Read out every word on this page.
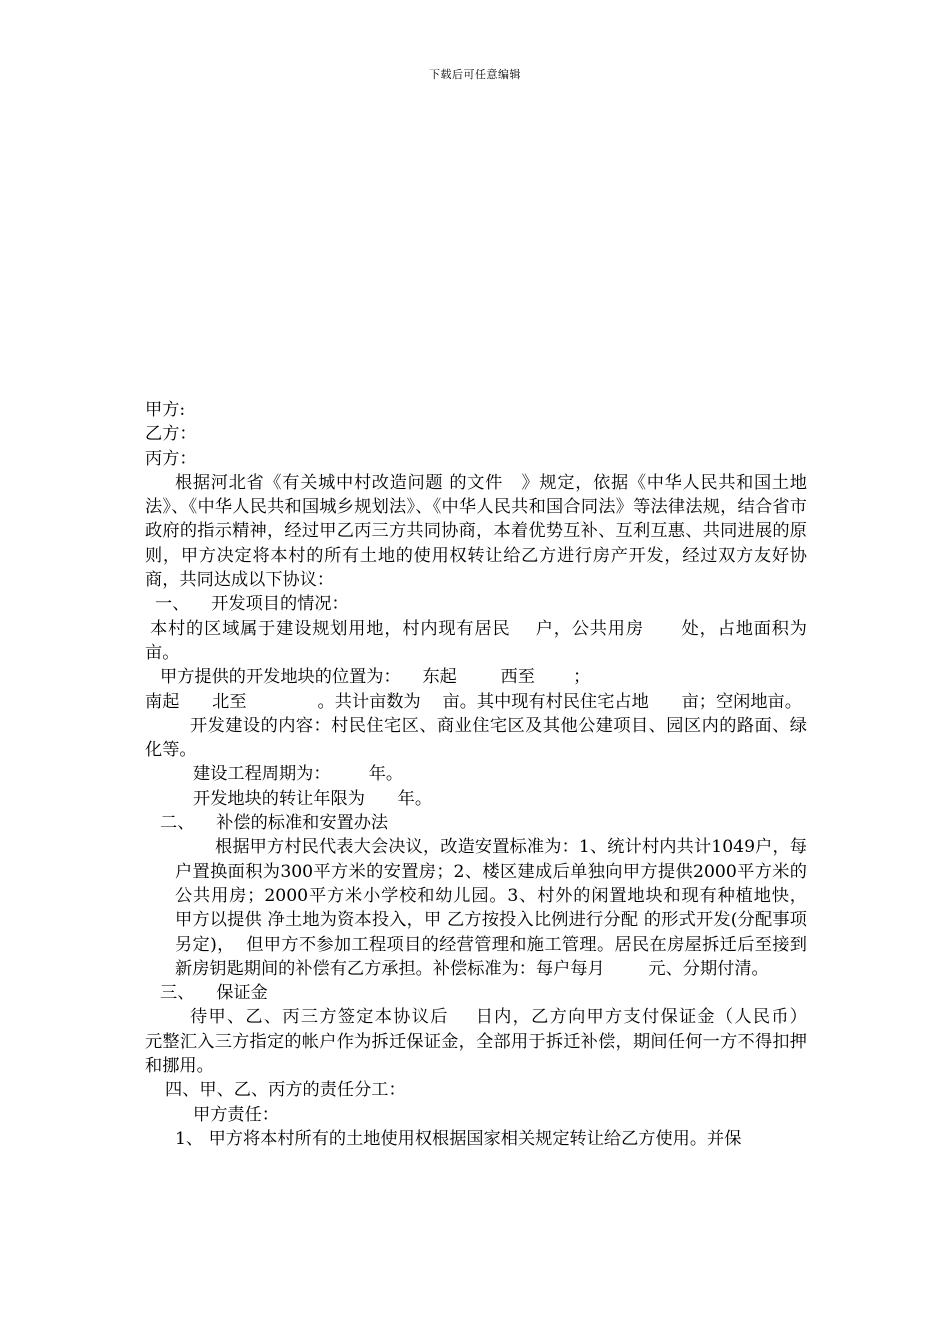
下载后可任意编辑

甲方:

乙方：

丙方：

根据河北省《有关城中村改造问题 的文件   》规定，依据《中华人民共和国土地法》、《中华人民共和国城乡规划法》、《中华人民共和国合同法》等法律法规，结合省市政府的指示精神，经过甲乙丙三方共同协商，本着优势互补、互利互惠、共同进展的原则，甲方决定将本村的所有土地的使用权转让给乙方进行房产开发，经过双方友好协商，共同达成以下协议：

一、    开发项目的情况：

本村的区域属于建设规划用地，村内现有居民    户，公共用房      处，占地面积为    亩。

甲方提供的开发地块的位置为：    东起        西至       ；

南起      北至             。共计亩数为    亩。其中现有村民住宅占地      亩；空闲地亩。

开发建设的内容：村民住宅区、商业住宅区及其他公建项目、园区内的路面、绿化等。

建设工程周期为：       年。

开发地块的转让年限为      年。

二、    补偿的标准和安置办法

根据甲方村民代表大会决议，改造安置标准为：1、统计村内共计1049户，每户置换面积为300平方米的安置房；2、楼区建成后单独向甲方提供2000平方米的公共用房；2000平方米小学校和幼儿园。3、村外的闲置地块和现有种植地快，  甲方以提供 净土地为资本投入，甲 乙方按投入比例进行分配 的形式开发(分配事项另定)，  但甲方不参加工程项目的经营管理和施工管理。居民在房屋拆迁后至接到新房钥匙期间的补偿有乙方承担。补偿标准为：每户每月        元、分期付清。

三、    保证金

待甲、乙、丙三方签定本协议后    日内，乙方向甲方支付保证金（人民币）      元整汇入三方指定的帐户作为拆迁保证金，全部用于拆迁补偿，期间任何一方不得扣押和挪用。

四、甲、乙、丙方的责任分工：

甲方责任：

1、 甲方将本村所有的土地使用权根据国家相关规定转让给乙方使用。并保
